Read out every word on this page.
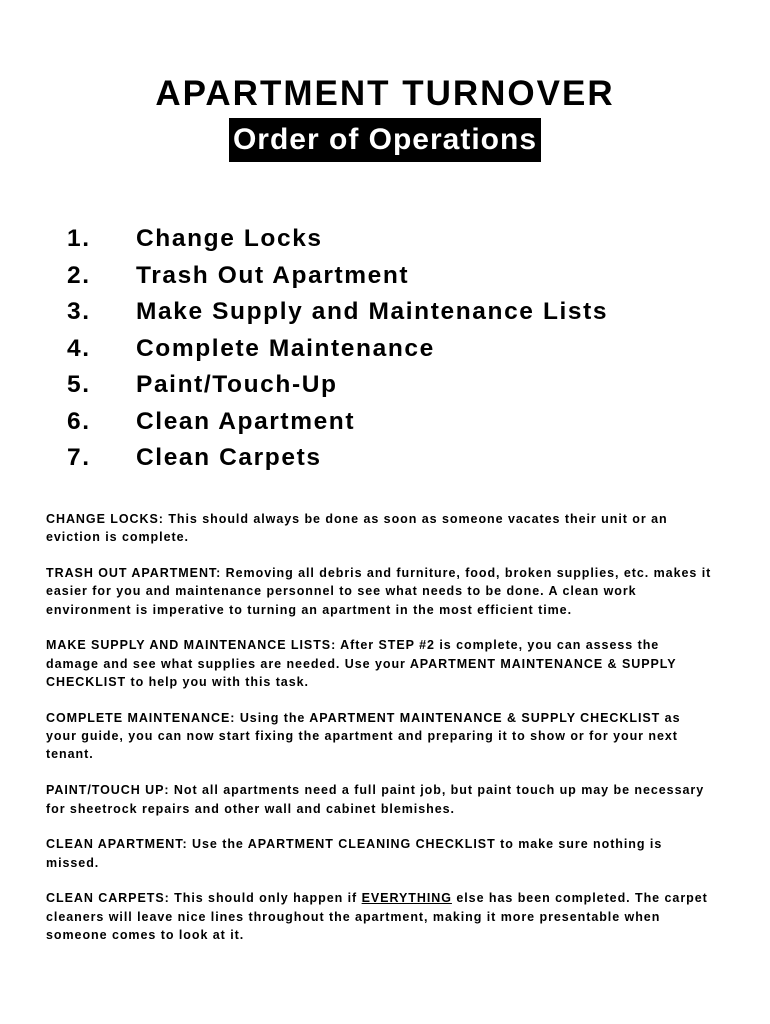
APARTMENT TURNOVER
Order of Operations
1. Change Locks
2. Trash Out Apartment
3. Make Supply and Maintenance Lists
4. Complete Maintenance
5. Paint/Touch-Up
6. Clean Apartment
7. Clean Carpets

CHANGE LOCKS: This should always be done as soon as someone vacates their unit or an
eviction is complete.

TRASH OUT APARTMENT: Removing all debris and furniture, food, broken supplies, etc. makes it
easier for you and maintenance personnel to see what needs to be done. A clean work
environment is imperative to turning an apartment in the most efficient time.

MAKE SUPPLY AND MAINTENANCE LISTS: After STEP #2 is complete, you can assess the
damage and see what supplies are needed. Use your APARTMENT MAINTENANCE & SUPPLY
CHECKLIST to help you with this task.

COMPLETE MAINTENANCE: Using the APARTMENT MAINTENANCE & SUPPLY CHECKLIST as
your guide, you can now start fixing the apartment and preparing it to show or for your next
tenant.

PAINT/TOUCH UP: Not all apartments need a full paint job, but paint touch up may be necessary
for sheetrock repairs and other wall and cabinet blemishes.

CLEAN APARTMENT: Use the APARTMENT CLEANING CHECKLIST to make sure nothing is
missed.

CLEAN CARPETS: This should only happen if EVERYTHING else has been completed. The carpet
cleaners will leave nice lines throughout the apartment, making it more presentable when
someone comes to look at it.
